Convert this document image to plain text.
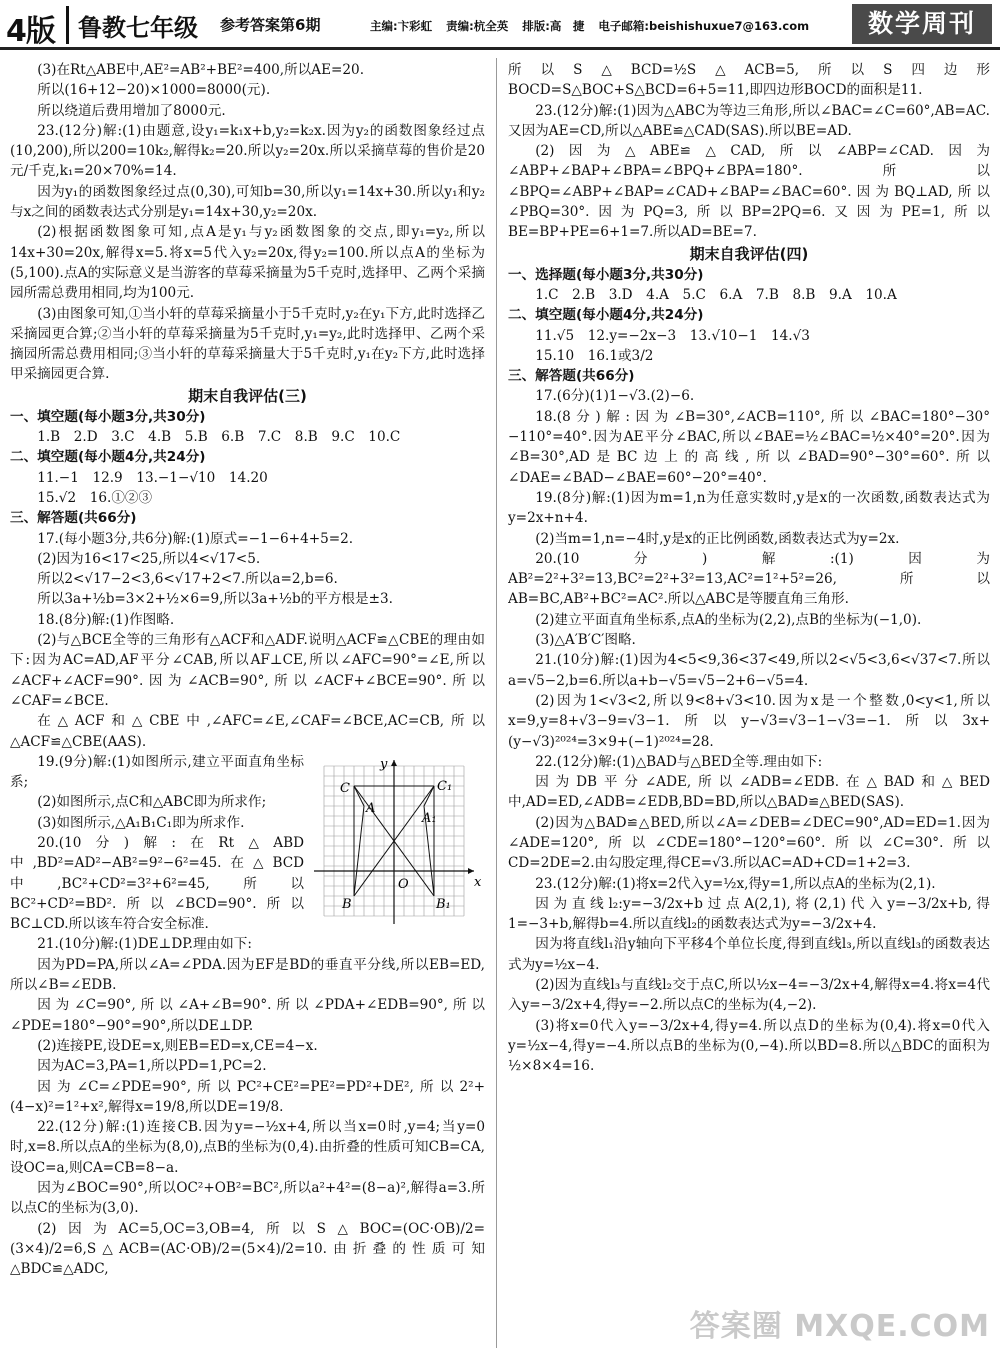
4版 鲁教七年级 参考答案第6期	主编:卞彩虹 责编:杭全英 排版:高　捷 电子邮箱:beishishuxue7@163.com	数学周刊

(3)在Rt△ABE中,AE²=AB²+BE²=400,所以AE=20.

所以(16+12−20)×1000=8000(元).

所以绕道后费用增加了8000元.

23.(12分)解:(1)由题意,设y₁=k₁x+b,y₂=k₂x.因为y₂的函数图象经过点(10,200),所以200=10k₂,解得k₂=20.所以y₂=20x.所以采摘草莓的售价是20元/千克,k₁=20×70%=14.

因为y₁的函数图象经过点(0,30),可知b=30,所以y₁=14x+30.所以y₁和y₂与x之间的函数表达式分别是y₁=14x+30,y₂=20x.

(2)根据函数图象可知,点A是y₁与y₂函数图象的交点,即y₁=y₂,所以14x+30=20x,解得x=5.将x=5代入y₂=20x,得y₂=100.所以点A的坐标为(5,100).点A的实际意义是当游客的草莓采摘量为5千克时,选择甲、乙两个采摘园所需总费用相同,均为100元.

(3)由图象可知,①当小轩的草莓采摘量小于5千克时,y₂在y₁下方,此时选择乙采摘园更合算;②当小轩的草莓采摘量为5千克时,y₁=y₂,此时选择甲、乙两个采摘园所需总费用相同;③当小轩的草莓采摘量大于5千克时,y₁在y₂下方,此时选择甲采摘园更合算.

期末自我评估(三)

一、填空题(每小题3分,共30分)

1.B　2.D　3.C　4.B　5.B　6.B　7.C　8.B　9.C　10.C

二、填空题(每小题4分,共24分)

11.−1　12.9　13.−1−√10　14.20

15.√2　16.①②③

三、解答题(共66分)

17.(每小题3分,共6分)解:(1)原式=−1−6+4+5=2.

(2)因为16<17<25,所以4<√17<5.

所以2<√17−2<3,6<√17+2<7.所以a=2,b=6.

所以3a+½b=3×2+½×6=9,所以3a+½b的平方根是±3.

18.(8分)解:(1)作图略.

(2)与△BCE全等的三角形有△ACF和△ADF.说明△ACF≌△CBE的理由如下:因为AC=AD,AF平分∠CAB,所以AF⊥CE,所以∠AFC=90°=∠E,所以∠ACF+∠ACF=90°.因为∠ACB=90°,所以∠ACF+∠BCE=90°.所以∠CAF=∠BCE.

在△ACF和△CBE中,∠AFC=∠E,∠CAF=∠BCE,AC=CB,所以△ACF≌△CBE(AAS).

x
y
O
C
A
B
C₁
A₁
B₁

19.(9分)解:(1)如图所示,建立平面直角坐标系;

(2)如图所示,点C和△ABC即为所求作;

(3)如图所示,△A₁B₁C₁即为所求作.

20.(10分)解:在Rt△ABD中,BD²=AD²−AB²=9²−6²=45.在△BCD中,BC²+CD²=3²+6²=45,所以BC²+CD²=BD².所以∠BCD=90°.所以BC⊥CD.所以该车符合安全标准.

21.(10分)解:(1)DE⊥DP.理由如下:

因为PD=PA,所以∠A=∠PDA.因为EF是BD的垂直平分线,所以EB=ED,所以∠B=∠EDB.

因为∠C=90°,所以∠A+∠B=90°.所以∠PDA+∠EDB=90°,所以∠PDE=180°−90°=90°,所以DE⊥DP.

(2)连接PE,设DE=x,则EB=ED=x,CE=4−x.

因为AC=3,PA=1,所以PD=1,PC=2.

因为∠C=∠PDE=90°,所以PC²+CE²=PE²=PD²+DE²,所以2²+(4−x)²=1²+x²,解得x=19/8,所以DE=19/8.

22.(12分)解:(1)连接CB.因为y=−½x+4,所以当x=0时,y=4;当y=0时,x=8.所以点A的坐标为(8,0),点B的坐标为(0,4).由折叠的性质可知CB=CA,设OC=a,则CA=CB=8−a.

因为∠BOC=90°,所以OC²+OB²=BC²,所以a²+4²=(8−a)²,解得a=3.所以点C的坐标为(3,0).

(2)因为AC=5,OC=3,OB=4,所以S△BOC=(OC·OB)/2=(3×4)/2=6,S△ACB=(AC·OB)/2=(5×4)/2=10.由折叠的性质可知△BDC≌△ADC,

所以S△BCD=½S△ACB=5,所以S四边形BOCD=S△BOC+S△BCD=6+5=11,即四边形BOCD的面积是11.

23.(12分)解:(1)因为△ABC为等边三角形,所以∠BAC=∠C=60°,AB=AC.又因为AE=CD,所以△ABE≌△CAD(SAS).所以BE=AD.

(2)因为△ABE≌△CAD,所以∠ABP=∠CAD.因为∠ABP+∠BAP+∠BPA=∠BPQ+∠BPA=180°.所以∠BPQ=∠ABP+∠BAP=∠CAD+∠BAP=∠BAC=60°.因为BQ⊥AD,所以∠PBQ=30°.因为PQ=3,所以BP=2PQ=6.又因为PE=1,所以BE=BP+PE=6+1=7.所以AD=BE=7.

期末自我评估(四)

一、选择题(每小题3分,共30分)

1.C　2.B　3.D　4.A　5.C　6.A　7.B　8.B　9.A　10.A

二、填空题(每小题4分,共24分)

11.√5　12.y=−2x−3　13.√10−1　14.√3

15.10　16.1或3/2

三、解答题(共66分)

17.(6分)(1)1−√3.(2)−6.

18.(8分)解:因为∠B=30°,∠ACB=110°,所以∠BAC=180°−30°−110°=40°.因为AE平分∠BAC,所以∠BAE=½∠BAC=½×40°=20°.因为∠B=30°,AD是BC边上的高线,所以∠BAD=90°−30°=60°.所以∠DAE=∠BAD−∠BAE=60°−20°=40°.

19.(8分)解:(1)因为m=1,n为任意实数时,y是x的一次函数,函数表达式为y=2x+n+4.

(2)当m=1,n=−4时,y是x的正比例函数,函数表达式为y=2x.

20.(10分)解:(1)因为AB²=2²+3²=13,BC²=2²+3²=13,AC²=1²+5²=26,所以AB=BC,AB²+BC²=AC².所以△ABC是等腰直角三角形.

(2)建立平面直角坐标系,点A的坐标为(2,2),点B的坐标为(−1,0).

(3)△A′B′C′图略.

21.(10分)解:(1)因为4<5<9,36<37<49,所以2<√5<3,6<√37<7.所以a=√5−2,b=6.所以a+b−√5=√5−2+6−√5=4.

(2)因为1<√3<2,所以9<8+√3<10.因为x是一个整数,0<y<1,所以x=9,y=8+√3−9=√3−1.所以y−√3=√3−1−√3=−1.所以3x+(y−√3)²⁰²⁴=3×9+(−1)²⁰²⁴=28.

22.(12分)解:(1)△BAD与△BED全等.理由如下:

因为DB平分∠ADE,所以∠ADB=∠EDB.在△BAD和△BED中,AD=ED,∠ADB=∠EDB,BD=BD,所以△BAD≌△BED(SAS).

(2)因为△BAD≌△BED,所以∠A=∠DEB=∠DEC=90°,AD=ED=1.因为∠ADE=120°,所以∠CDE=180°−120°=60°.所以∠C=30°.所以CD=2DE=2.由勾股定理,得CE=√3.所以AC=AD+CD=1+2=3.

23.(12分)解:(1)将x=2代入y=½x,得y=1,所以点A的坐标为(2,1).

因为直线l₂:y=−3/2x+b过点A(2,1),将(2,1)代入y=−3/2x+b,得1=−3+b,解得b=4.所以直线l₂的函数表达式为y=−3/2x+4.

因为将直线l₁沿y轴向下平移4个单位长度,得到直线l₃,所以直线l₃的函数表达式为y=½x−4.

(2)因为直线l₃与直线l₂交于点C,所以½x−4=−3/2x+4,解得x=4.将x=4代入y=−3/2x+4,得y=−2.所以点C的坐标为(4,−2).

(3)将x=0代入y=−3/2x+4,得y=4.所以点D的坐标为(0,4).将x=0代入y=½x−4,得y=−4.所以点B的坐标为(0,−4).所以BD=8.所以△BDC的面积为½×8×4=16.

答案圈 MXQE.COM
